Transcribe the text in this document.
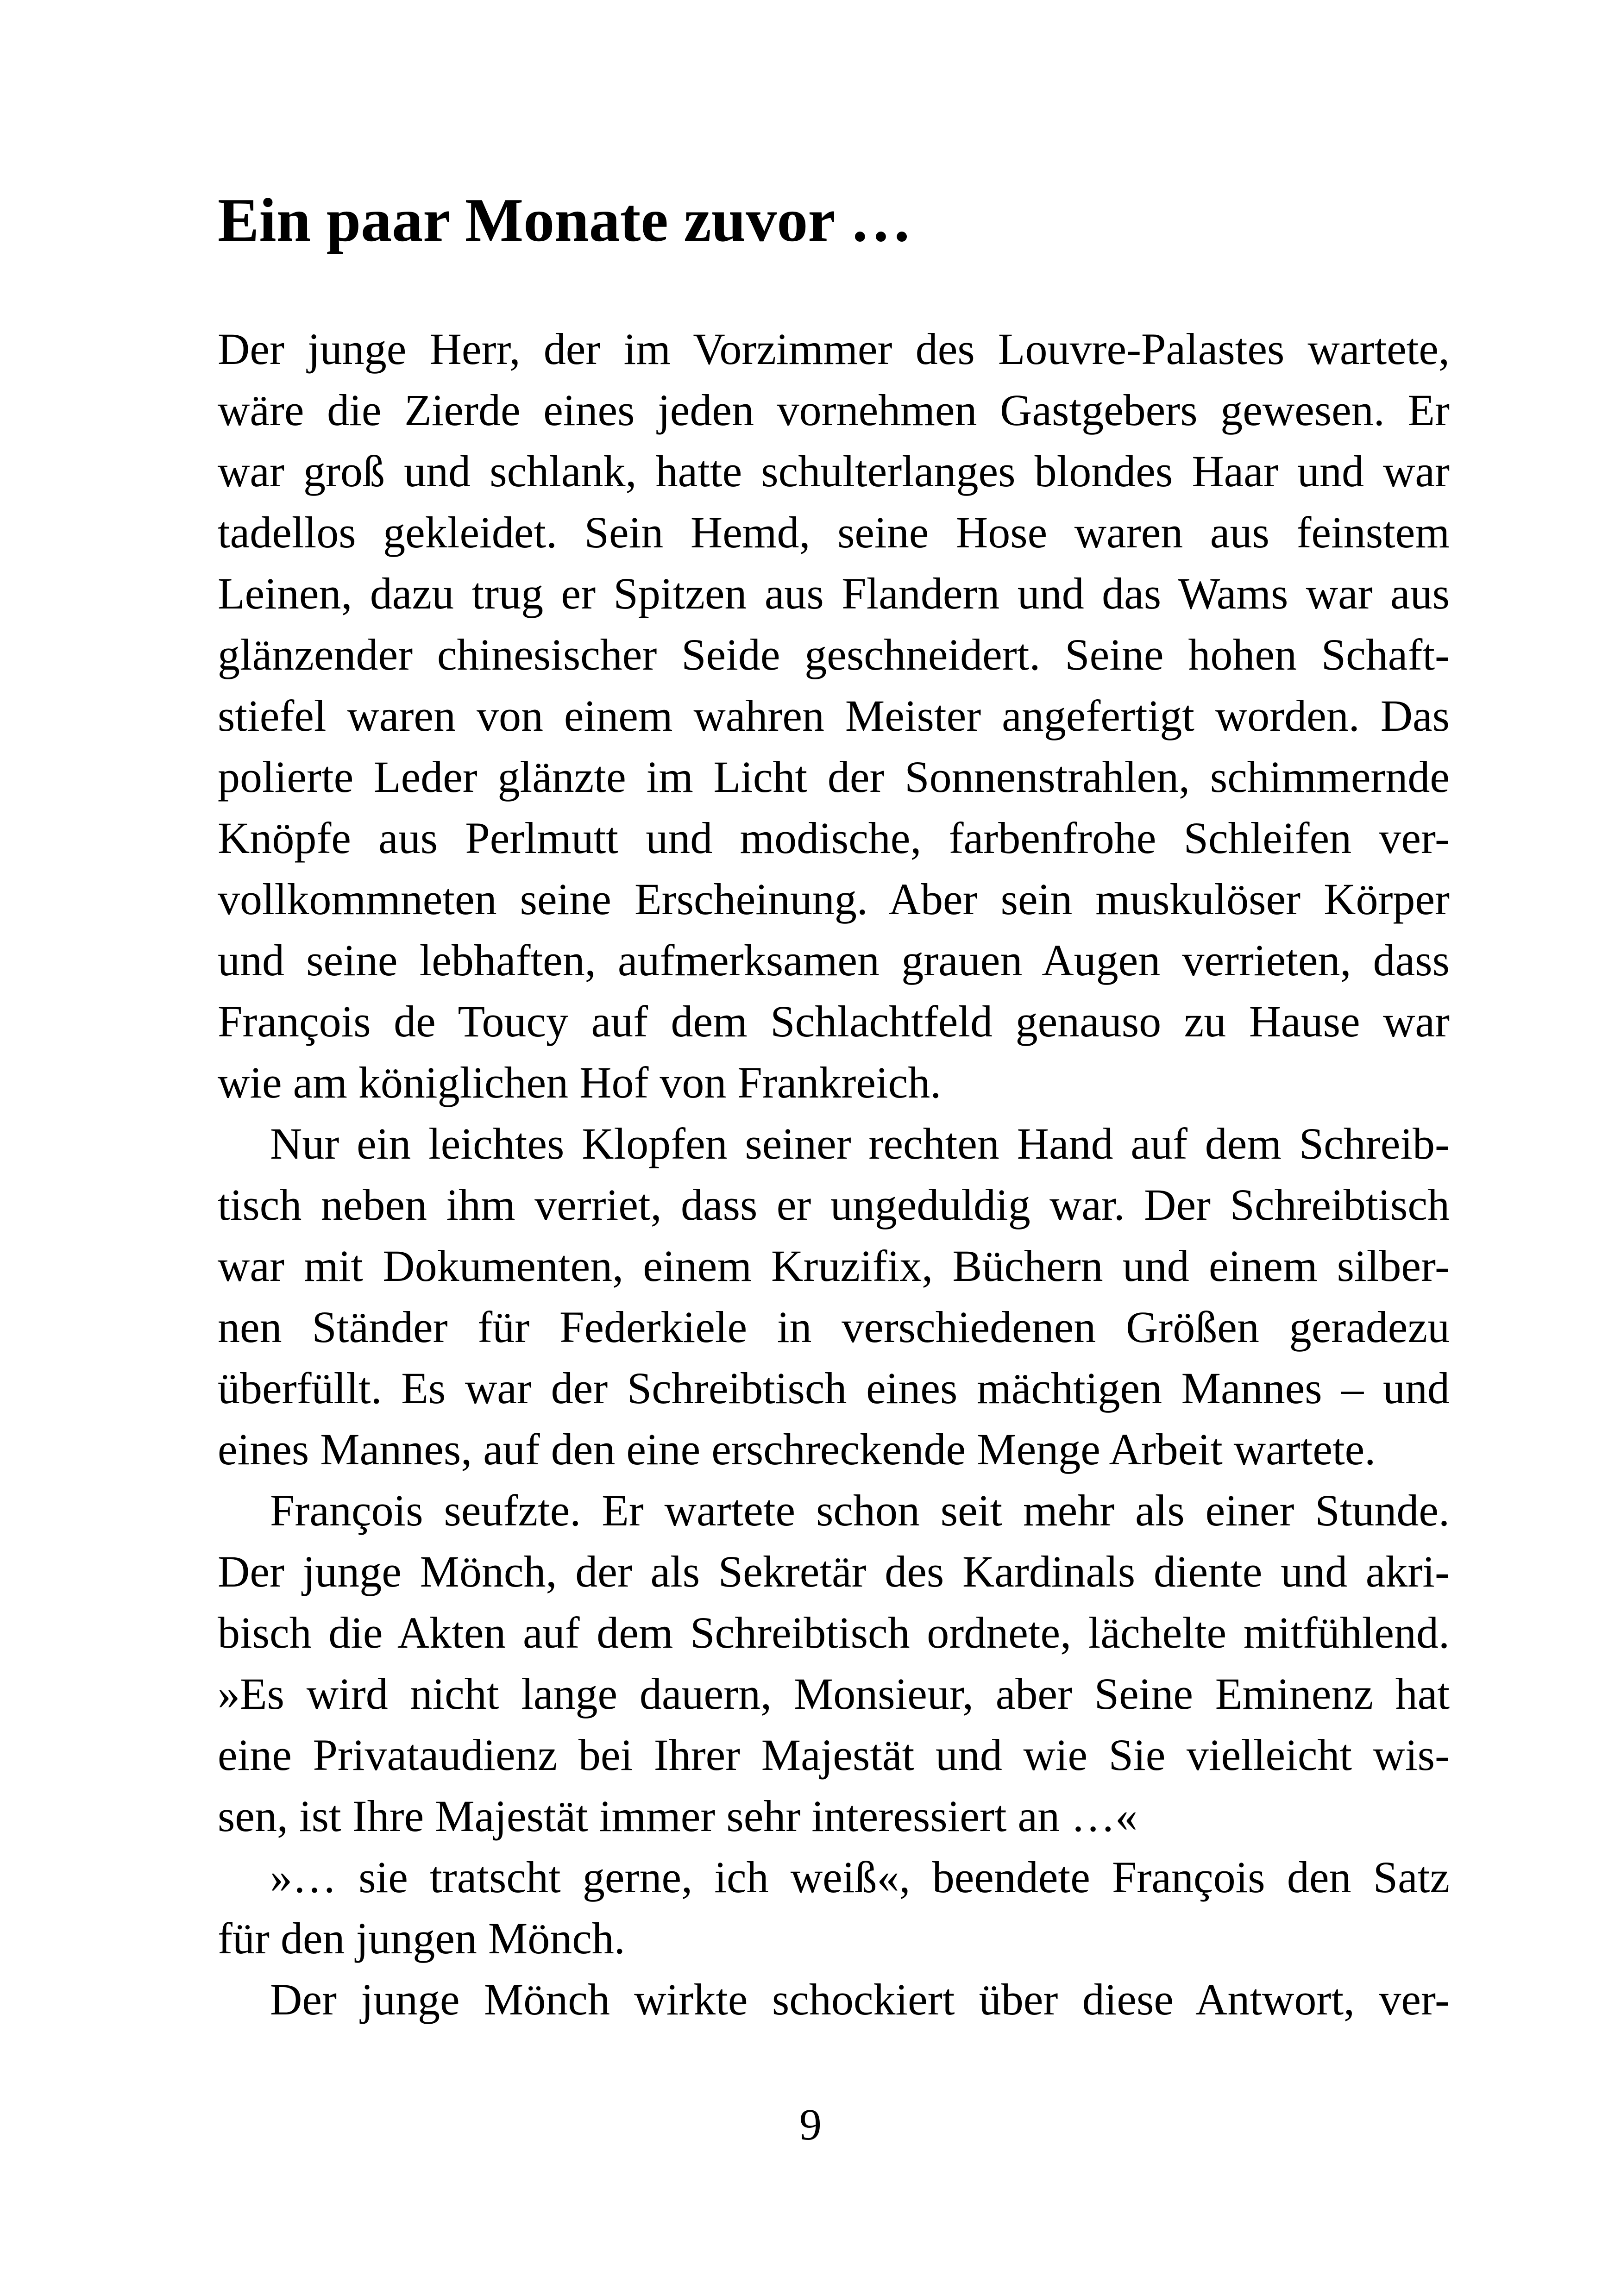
Ein paar Monate zuvor …
Der junge Herr, der im Vorzimmer des Louvre-Palastes wartete,
wäre die Zierde eines jeden vornehmen Gastgebers gewesen. Er
war groß und schlank, hatte schulterlanges blondes Haar und war
tadellos gekleidet. Sein Hemd, seine Hose waren aus feinstem
Leinen, dazu trug er Spitzen aus Flandern und das Wams war aus
glänzender chinesischer Seide geschneidert. Seine hohen Schaft-
stiefel waren von einem wahren Meister angefertigt worden. Das
polierte Leder glänzte im Licht der Sonnenstrahlen, schimmernde
Knöpfe aus Perlmutt und modische, farbenfrohe Schleifen ver-
vollkommneten seine Erscheinung. Aber sein muskulöser Körper
und seine lebhaften, aufmerksamen grauen Augen verrieten, dass
François de Toucy auf dem Schlachtfeld genauso zu Hause war
wie am königlichen Hof von Frankreich.
Nur ein leichtes Klopfen seiner rechten Hand auf dem Schreib-
tisch neben ihm verriet, dass er ungeduldig war. Der Schreibtisch
war mit Dokumenten, einem Kruzifix, Büchern und einem silber-
nen Ständer für Federkiele in verschiedenen Größen geradezu
überfüllt. Es war der Schreibtisch eines mächtigen Mannes – und
eines Mannes, auf den eine erschreckende Menge Arbeit wartete.
François seufzte. Er wartete schon seit mehr als einer Stunde.
Der junge Mönch, der als Sekretär des Kardinals diente und akri-
bisch die Akten auf dem Schreibtisch ordnete, lächelte mitfühlend.
»Es wird nicht lange dauern, Monsieur, aber Seine Eminenz hat
eine Privataudienz bei Ihrer Majestät und wie Sie vielleicht wis-
sen, ist Ihre Majestät immer sehr interessiert an …«
»… sie tratscht gerne, ich weiß«, beendete François den Satz
für den jungen Mönch.
Der junge Mönch wirkte schockiert über diese Antwort, ver-
9
